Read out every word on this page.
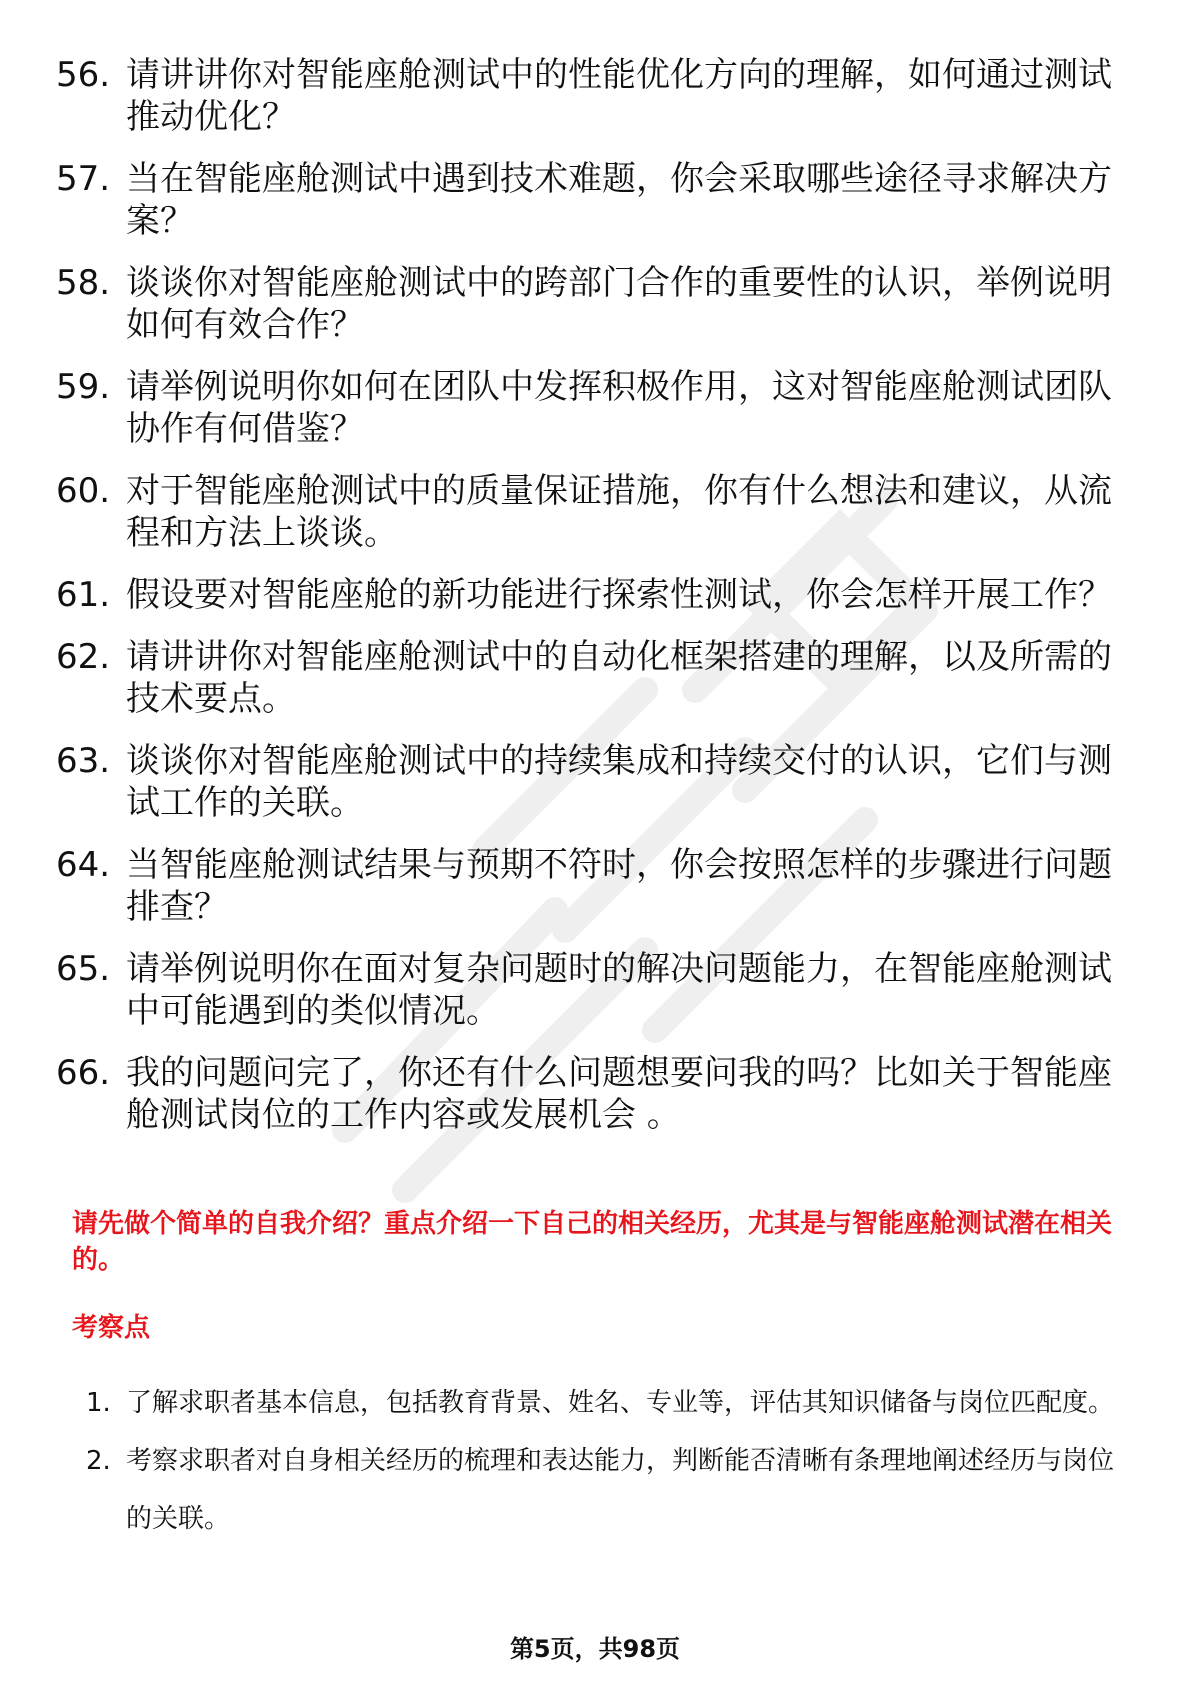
56. 请讲讲你对智能座舱测试中的性能优化方向的理解，如何通过测试推动优化？
57. 当在智能座舱测试中遇到技术难题，你会采取哪些途径寻求解决方案？
58. 谈谈你对智能座舱测试中的跨部门合作的重要性的认识，举例说明如何有效合作？
59. 请举例说明你如何在团队中发挥积极作用，这对智能座舱测试团队协作有何借鉴？
60. 对于智能座舱测试中的质量保证措施，你有什么想法和建议，从流程和方法上谈谈。
61. 假设要对智能座舱的新功能进行探索性测试，你会怎样开展工作？
62. 请讲讲你对智能座舱测试中的自动化框架搭建的理解，以及所需的技术要点。
63. 谈谈你对智能座舱测试中的持续集成和持续交付的认识，它们与测试工作的关联。
64. 当智能座舱测试结果与预期不符时，你会按照怎样的步骤进行问题排查？
65. 请举例说明你在面对复杂问题时的解决问题能力，在智能座舱测试中可能遇到的类似情况。
66. 我的问题问完了，你还有什么问题想要问我的吗？比如关于智能座舱测试岗位的工作内容或发展机会 。
请先做个简单的自我介绍？重点介绍一下自己的相关经历，尤其是与智能座舱测试潜在相关的。
考察点
1. 了解求职者基本信息，包括教育背景、姓名、专业等，评估其知识储备与岗位匹配度。
2. 考察求职者对自身相关经历的梳理和表达能力，判断能否清晰有条理地阐述经历与岗位的关联。
第5页，共98页
